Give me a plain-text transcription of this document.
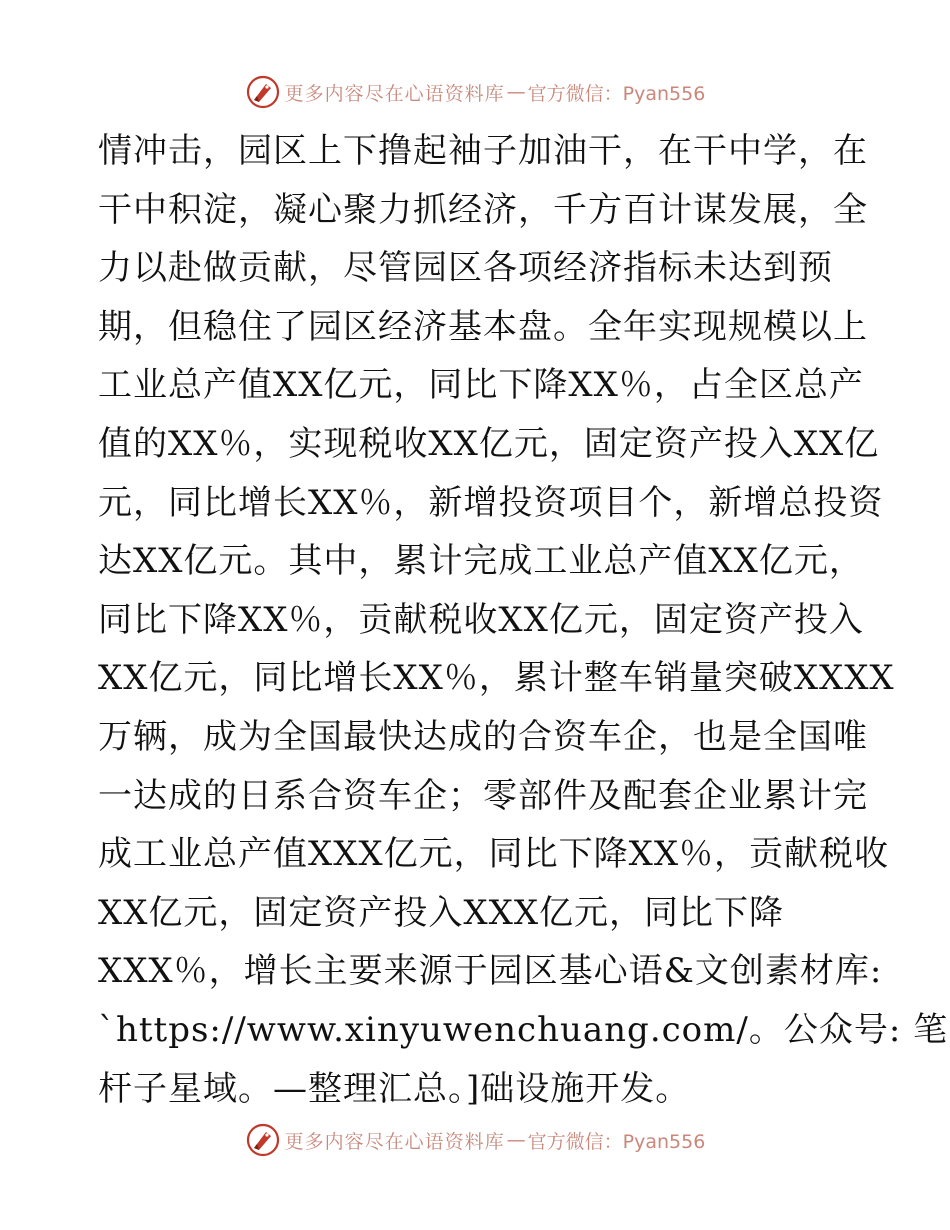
更多内容尽在心语资料库 — 官方微信：Pyan556
情冲击，园区上下撸起袖子加油干，在干中学，在
干中积淀，凝心聚力抓经济，千方百计谋发展，全
力以赴做贡献，尽管园区各项经济指标未达到预
期，但稳住了园区经济基本盘。全年实现规模以上
工业总产值XX亿元，同比下降XX％，占全区总产
值的XX％，实现税收XX亿元，固定资产投入XX亿
元，同比增长XX％，新增投资项目个，新增总投资
达XX亿元。其中，累计完成工业总产值XX亿元，
同比下降XX％，贡献税收XX亿元，固定资产投入
XX亿元，同比增长XX％，累计整车销量突破XXXX
万辆，成为全国最快达成的合资车企，也是全国唯
一达成的日系合资车企；零部件及配套企业累计完
成工业总产值XXX亿元，同比下降XX％，贡献税收
XX亿元，固定资产投入XXX亿元，同比下降
XXX％，增长主要来源于园区基心语&文创素材库:
`https://www.xinyuwenchuang.com/。公众号: 笔
杆子星域。—整理汇总。]础设施开发。
更多内容尽在心语资料库 — 官方微信：Pyan556
